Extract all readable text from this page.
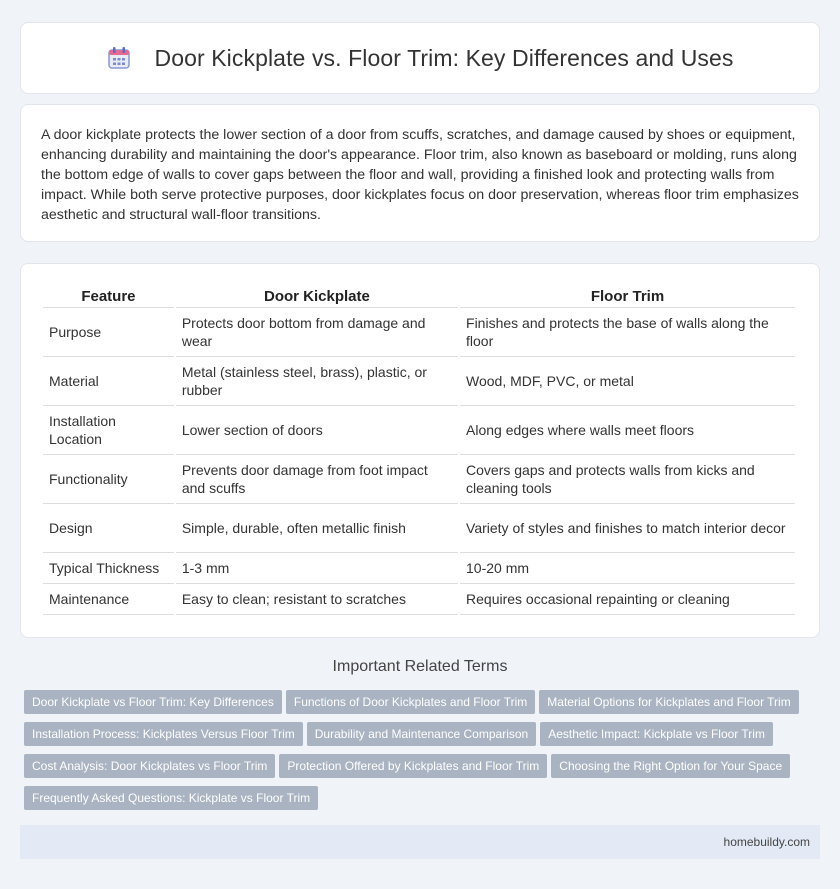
Door Kickplate vs. Floor Trim: Key Differences and Uses

A door kickplate protects the lower section of a door from scuffs, scratches, and damage caused by shoes or equipment, enhancing durability and maintaining the door's appearance. Floor trim, also known as baseboard or molding, runs along the bottom edge of walls to cover gaps between the floor and wall, providing a finished look and protecting walls from impact. While both serve protective purposes, door kickplates focus on door preservation, whereas floor trim emphasizes aesthetic and structural wall-floor transitions.

Feature	Door Kickplate	Floor Trim
Purpose	Protects door bottom from damage and wear	Finishes and protects the base of walls along the floor
Material	Metal (stainless steel, brass), plastic, or rubber	Wood, MDF, PVC, or metal
Installation Location	Lower section of doors	Along edges where walls meet floors
Functionality	Prevents door damage from foot impact and scuffs	Covers gaps and protects walls from kicks and cleaning tools
Design	Simple, durable, often metallic finish	Variety of styles and finishes to match interior decor
Typical Thickness	1-3 mm	10-20 mm
Maintenance	Easy to clean; resistant to scratches	Requires occasional repainting or cleaning
Important Related Terms
Door Kickplate vs Floor Trim: Key Differences Functions of Door Kickplates and Floor Trim Material Options for Kickplates and Floor TrimInstallation Process: Kickplates Versus Floor Trim Durability and Maintenance Comparison Aesthetic Impact: Kickplate vs Floor TrimCost Analysis: Door Kickplates vs Floor Trim Protection Offered by Kickplates and Floor Trim Choosing the Right Option for Your SpaceFrequently Asked Questions: Kickplate vs Floor Trim
homebuildy.com
